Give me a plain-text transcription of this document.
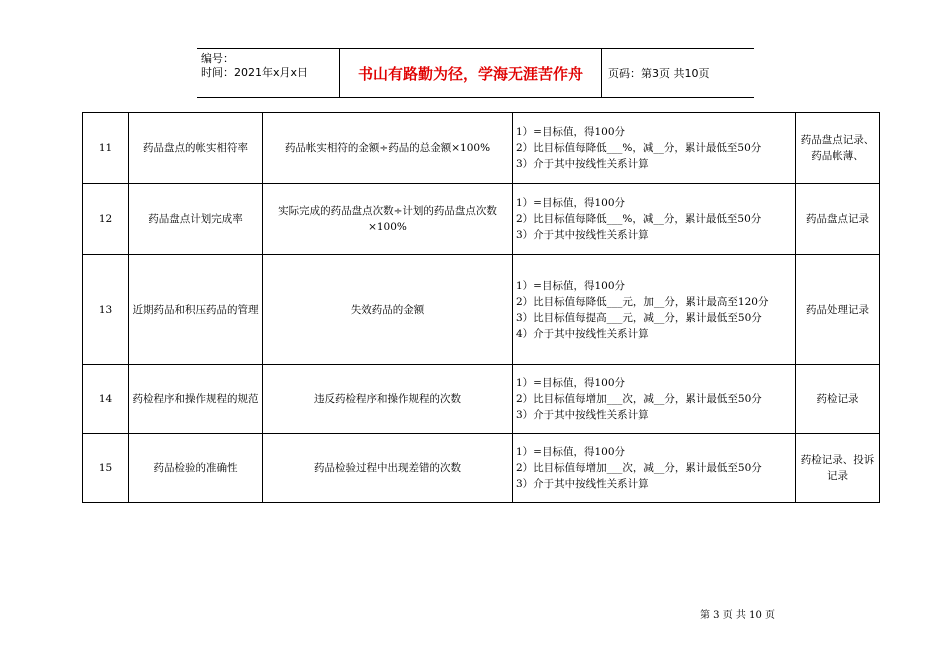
编号：
时间：2021年x月x日	书山有路勤为径，学海无涯苦作舟	页码：第3页 共10页
11	药品盘点的帐实相符率	药品帐实相符的金额÷药品的总金额×100%	1）=目标值，得100分
2）比目标值每降低___%，减__分，累计最低至50分
3）介于其中按线性关系计算	药品盘点记录、药品帐薄、
12	药品盘点计划完成率	实际完成的药品盘点次数÷计划的药品盘点次数×100%	1）=目标值，得100分
2）比目标值每降低___%，减__分，累计最低至50分
3）介于其中按线性关系计算	药品盘点记录
13	近期药品和积压药品的管理	失效药品的金额	1）=目标值，得100分
2）比目标值每降低___元，加__分，累计最高至120分
3）比目标值每提高___元，减__分，累计最低至50分
4）介于其中按线性关系计算	药品处理记录
14	药检程序和操作规程的规范	违反药检程序和操作规程的次数	1）=目标值，得100分
2）比目标值每增加___次，减__分，累计最低至50分
3）介于其中按线性关系计算	药检记录
15	药品检验的准确性	药品检验过程中出现差错的次数	1）=目标值，得100分
2）比目标值每增加___次，减__分，累计最低至50分
3）介于其中按线性关系计算	药检记录、投诉记录
第 3 页 共 10 页
